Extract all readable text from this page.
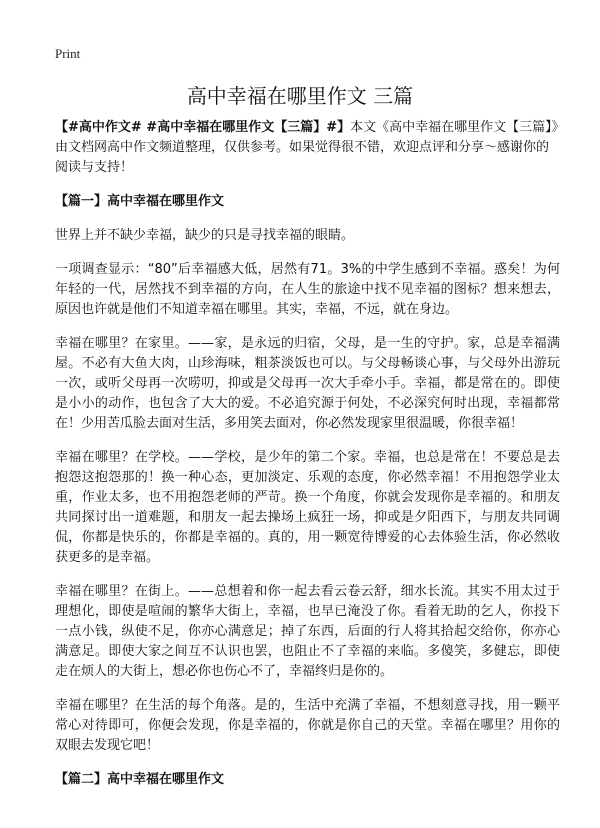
Print
高中幸福在哪里作文 三篇

【#高中作文# #高中幸福在哪里作文【三篇】#】本文《高中幸福在哪里作文【三篇】》由文档网高中作文频道整理，仅供参考。如果觉得很不错，欢迎点评和分享～感谢你的阅读与支持！

【篇一】高中幸福在哪里作文

世界上并不缺少幸福，缺少的只是寻找幸福的眼睛。

一项调查显示：“80”后幸福感大低，居然有71。3%的中学生感到不幸福。惑矣！为何年轻的一代，居然找不到幸福的方向，在人生的旅途中找不见幸福的图标？想来想去，原因也许就是他们不知道幸福在哪里。其实，幸福，不远，就在身边。

幸福在哪里？在家里。——家，是永远的归宿，父母，是一生的守护。家，总是幸福满屋。不必有大鱼大肉，山珍海味，粗茶淡饭也可以。与父母畅谈心事，与父母外出游玩一次，或听父母再一次唠叨，抑或是父母再一次大手牵小手。幸福，都是常在的。即使是小小的动作，也包含了大大的爱。不必追究源于何处，不必深究何时出现，幸福都常在！少用苦瓜脸去面对生活，多用笑去面对，你必然发现家里很温暖，你很幸福！

幸福在哪里？在学校。——学校，是少年的第二个家。幸福，也总是常在！不要总是去抱怨这抱怨那的！换一种心态，更加淡定、乐观的态度，你必然幸福！不用抱怨学业太重，作业太多，也不用抱怨老师的严苛。换一个角度，你就会发现你是幸福的。和朋友共同探讨出一道难题，和朋友一起去操场上疯狂一场，抑或是夕阳西下，与朋友共同调侃，你都是快乐的，你都是幸福的。真的，用一颗宽待博爱的心去体验生活，你必然收获更多的是幸福。

幸福在哪里？在街上。——总想着和你一起去看云卷云舒，细水长流。其实不用太过于理想化，即使是喧闹的繁华大街上，幸福，也早已淹没了你。看着无助的乞人，你投下一点小钱，纵使不足，你亦心满意足；掉了东西，后面的行人将其拾起交给你，你亦心满意足。即使大家之间互不认识也罢，也阻止不了幸福的来临。多傻笑，多健忘，即使走在烦人的大街上，想必你也伤心不了，幸福终归是你的。

幸福在哪里？在生活的每个角落。是的，生活中充满了幸福，不想刻意寻找，用一颗平常心对待即可，你便会发现，你是幸福的，你就是你自己的天堂。幸福在哪里？用你的双眼去发现它吧！

【篇二】高中幸福在哪里作文
